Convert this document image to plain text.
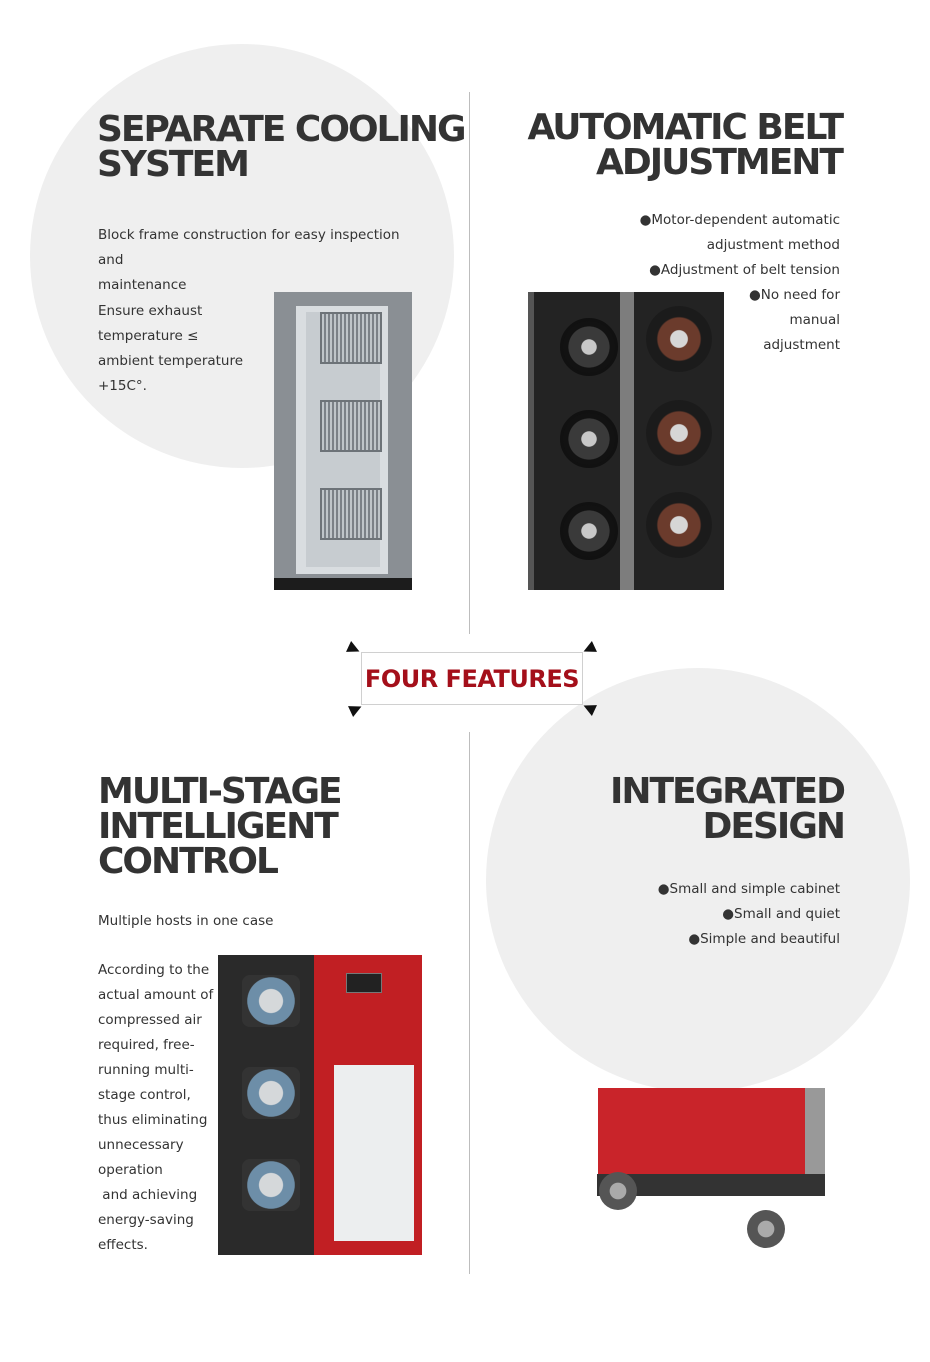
SEPARATE COOLING
SYSTEM

Block frame construction for easy inspection and
maintenance

Ensure exhaust
temperature ≤
ambient temperature
+15C°.

AUTOMATIC BELT
ADJUSTMENT

●Motor-dependent automatic
adjustment method
●Adjustment of belt tension
●No need for
manual
adjustment

FOUR FEATURES
MULTI-STAGE
INTELLIGENT
CONTROL

Multiple hosts in one case

According to the
actual amount of
compressed air
required, free-
running multi-
stage control,
thus eliminating
unnecessary
operation
and achieving
energy-saving
effects.

INTEGRATED
DESIGN

●Small and simple cabinet
●Small and quiet
●Simple and beautiful
